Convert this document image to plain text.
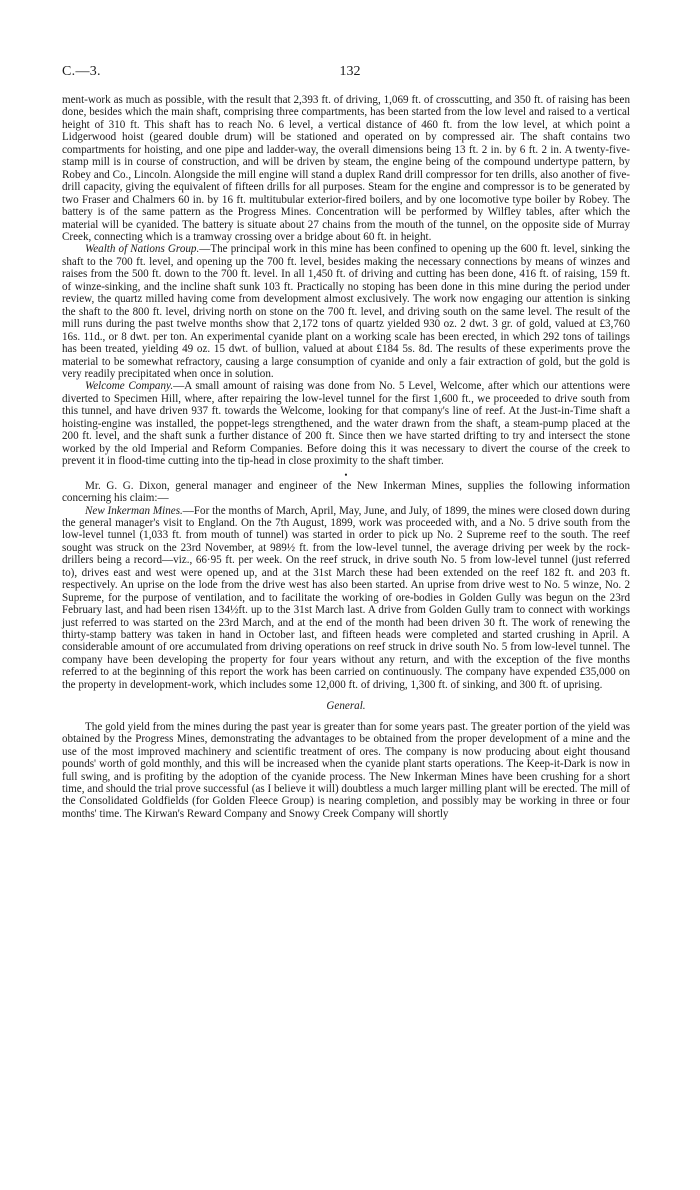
C.—3.	132

ment-work as much as possible, with the result that 2,393 ft. of driving, 1,069 ft. of crosscutting, and 350 ft. of raising has been done, besides which the main shaft, comprising three compartments, has been started from the low level and raised to a vertical height of 310 ft. This shaft has to reach No. 6 level, a vertical distance of 460 ft. from the low level, at which point a Lidgerwood hoist (geared double drum) will be stationed and operated on by compressed air. The shaft contains two compartments for hoisting, and one pipe and ladder-way, the overall dimensions being 13 ft. 2 in. by 6 ft. 2 in. A twenty-five-stamp mill is in course of construction, and will be driven by steam, the engine being of the compound undertype pattern, by Robey and Co., Lincoln. Alongside the mill engine will stand a duplex Rand drill compressor for ten drills, also another of five-drill capacity, giving the equivalent of fifteen drills for all purposes. Steam for the engine and compressor is to be generated by two Fraser and Chalmers 60 in. by 16 ft. multitubular exterior-fired boilers, and by one locomotive type boiler by Robey. The battery is of the same pattern as the Progress Mines. Concentration will be performed by Wilfley tables, after which the material will be cyanided. The battery is situate about 27 chains from the mouth of the tunnel, on the opposite side of Murray Creek, connecting which is a tramway crossing over a bridge about 60 ft. in height.

Wealth of Nations Group.—The principal work in this mine has been confined to opening up the 600 ft. level, sinking the shaft to the 700 ft. level, and opening up the 700 ft. level, besides making the necessary connections by means of winzes and raises from the 500 ft. down to the 700 ft. level. In all 1,450 ft. of driving and cutting has been done, 416 ft. of raising, 159 ft. of winze-sinking, and the incline shaft sunk 103 ft. Practically no stoping has been done in this mine during the period under review, the quartz milled having come from development almost exclusively. The work now engaging our attention is sinking the shaft to the 800 ft. level, driving north on stone on the 700 ft. level, and driving south on the same level. The result of the mill runs during the past twelve months show that 2,172 tons of quartz yielded 930 oz. 2 dwt. 3 gr. of gold, valued at £3,760 16s. 11d., or 8 dwt. per ton. An experimental cyanide plant on a working scale has been erected, in which 292 tons of tailings has been treated, yielding 49 oz. 15 dwt. of bullion, valued at about £184 5s. 8d. The results of these experiments prove the material to be somewhat refractory, causing a large consumption of cyanide and only a fair extraction of gold, but the gold is very readily precipitated when once in solution.

Welcome Company.—A small amount of raising was done from No. 5 Level, Welcome, after which our attentions were diverted to Specimen Hill, where, after repairing the low-level tunnel for the first 1,600 ft., we proceeded to drive south from this tunnel, and have driven 937 ft. towards the Welcome, looking for that company's line of reef. At the Just-in-Time shaft a hoisting-engine was installed, the poppet-legs strengthened, and the water drawn from the shaft, a steam-pump placed at the 200 ft. level, and the shaft sunk a further distance of 200 ft. Since then we have started drifting to try and intersect the stone worked by the old Imperial and Reform Companies. Before doing this it was necessary to divert the course of the creek to prevent it in flood-time cutting into the tip-head in close proximity to the shaft timber.

•

Mr. G. G. Dixon, general manager and engineer of the New Inkerman Mines, supplies the following information concerning his claim:—

New Inkerman Mines.—For the months of March, April, May, June, and July, of 1899, the mines were closed down during the general manager's visit to England. On the 7th August, 1899, work was proceeded with, and a No. 5 drive south from the low-level tunnel (1,033 ft. from mouth of tunnel) was started in order to pick up No. 2 Supreme reef to the south. The reef sought was struck on the 23rd November, at 989½ ft. from the low-level tunnel, the average driving per week by the rock-drillers being a record—viz., 66·95 ft. per week. On the reef struck, in drive south No. 5 from low-level tunnel (just referred to), drives east and west were opened up, and at the 31st March these had been extended on the reef 182 ft. and 203 ft. respectively. An uprise on the lode from the drive west has also been started. An uprise from drive west to No. 5 winze, No. 2 Supreme, for the purpose of ventilation, and to facilitate the working of ore-bodies in Golden Gully was begun on the 23rd February last, and had been risen 134½ft. up to the 31st March last. A drive from Golden Gully tram to connect with workings just referred to was started on the 23rd March, and at the end of the month had been driven 30 ft. The work of renewing the thirty-stamp battery was taken in hand in October last, and fifteen heads were completed and started crushing in April. A considerable amount of ore accumulated from driving operations on reef struck in drive south No. 5 from low-level tunnel. The company have been developing the property for four years without any return, and with the exception of the five months referred to at the beginning of this report the work has been carried on continuously. The company have expended £35,000 on the property in development-work, which includes some 12,000 ft. of driving, 1,300 ft. of sinking, and 300 ft. of uprising.

General.

The gold yield from the mines during the past year is greater than for some years past. The greater portion of the yield was obtained by the Progress Mines, demonstrating the advantages to be obtained from the proper development of a mine and the use of the most improved machinery and scientific treatment of ores. The company is now producing about eight thousand pounds' worth of gold monthly, and this will be increased when the cyanide plant starts operations. The Keep-it-Dark is now in full swing, and is profiting by the adoption of the cyanide process. The New Inkerman Mines have been crushing for a short time, and should the trial prove successful (as I believe it will) doubtless a much larger milling plant will be erected. The mill of the Consolidated Goldfields (for Golden Fleece Group) is nearing completion, and possibly may be working in three or four months' time. The Kirwan's Reward Company and Snowy Creek Company will shortly
